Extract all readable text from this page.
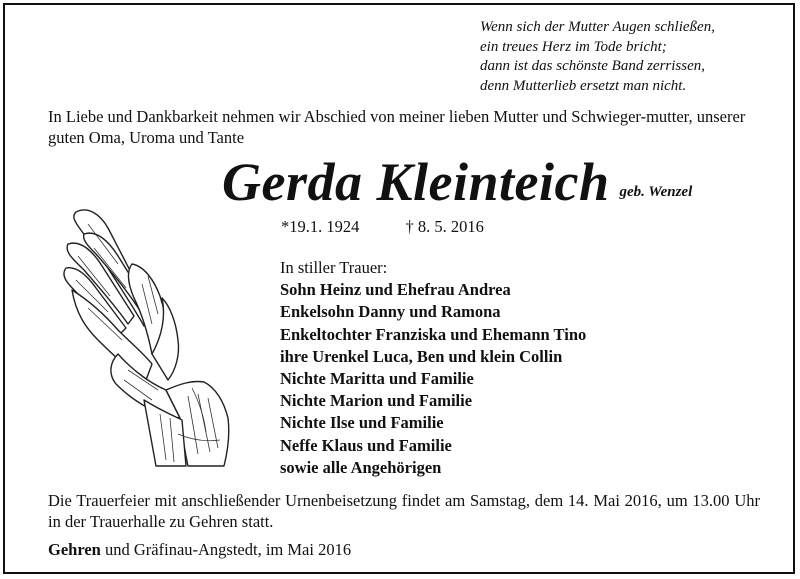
Wenn sich der Mutter Augen schließen,
ein treues Herz im Tode bricht;
dann ist das schönste Band zerrissen,
denn Mutterlieb ersetzt man nicht.
In Liebe und Dankbarkeit nehmen wir Abschied von meiner lieben Mutter und Schwieger-mutter, unserer guten Oma, Uroma und Tante
Gerda Kleinteich geb. Wenzel
*19.1. 1924	† 8. 5. 2016
In stiller Trauer:
Sohn Heinz und Ehefrau Andrea
Enkelsohn Danny und Ramona
Enkeltochter Franziska und Ehemann Tino
ihre Urenkel Luca, Ben und klein Collin
Nichte Maritta und Familie
Nichte Marion und Familie
Nichte Ilse und Familie
Neffe Klaus und Familie
sowie alle Angehörigen
Die Trauerfeier mit anschließender Urnenbeisetzung findet am Samstag, dem 14. Mai 2016, um 13.00 Uhr in der Trauerhalle zu Gehren statt.
Gehren und Gräfinau-Angstedt, im Mai 2016
